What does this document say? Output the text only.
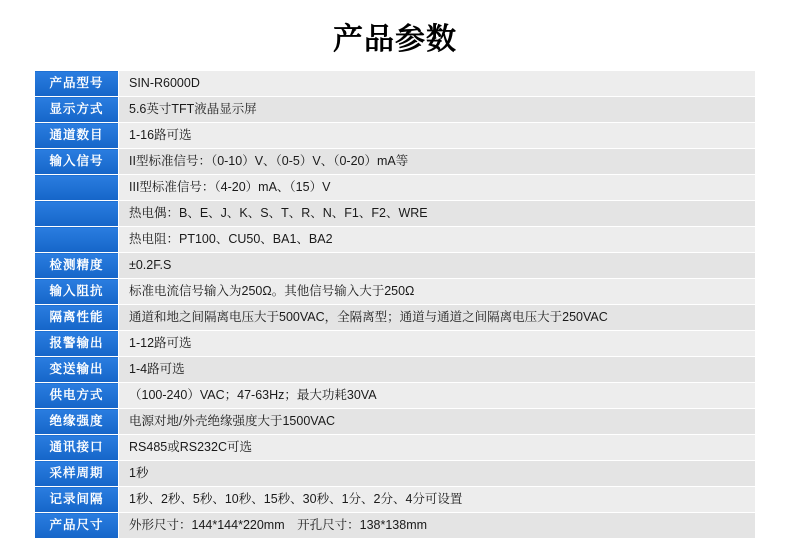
产品参数
产品型号	SIN-R6000D
显示方式	5.6英寸TFT液晶显示屏
通道数目	1-16路可选
输入信号	II型标准信号：（0-10）V、（0-5）V、（0-20）mA等
	III型标准信号：（4-20）mA、（15）V
	热电偶：B、E、J、K、S、T、R、N、F1、F2、WRE
	热电阻：PT100、CU50、BA1、BA2
检测精度	±0.2F.S
输入阻抗	标准电流信号输入为250Ω。其他信号输入大于250Ω
隔离性能	通道和地之间隔离电压大于500VAC，全隔离型；通道与通道之间隔离电压大于250VAC
报警输出	1-12路可选
变送输出	1-4路可选
供电方式	（100-240）VAC；47-63Hz；最大功耗30VA
绝缘强度	电源对地/外壳绝缘强度大于1500VAC
通讯接口	RS485或RS232C可选
采样周期	1秒
记录间隔	1秒、2秒、5秒、10秒、15秒、30秒、1分、2分、4分可设置
产品尺寸	外形尺寸：144*144*220mm　开孔尺寸：138*138mm
